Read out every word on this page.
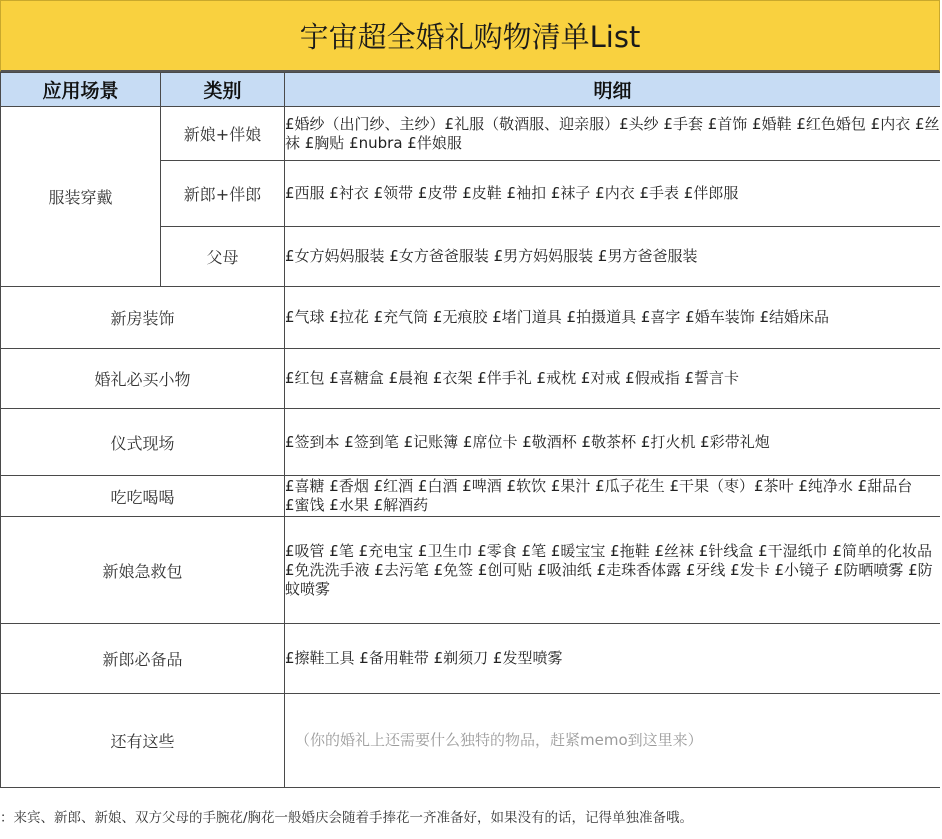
宇宙超全婚礼购物清单List
应用场景	类别	明细
服装穿戴	新娘+伴娘	£婚纱（出门纱、主纱）£礼服（敬酒服、迎亲服）£头纱 £手套 £首饰 £婚鞋 £红色婚包 £内衣 £丝袜 £胸贴 £nubra £伴娘服
	新郎+伴郎	£西服 £衬衣 £领带 £皮带 £皮鞋 £袖扣 £袜子 £内衣 £手表 £伴郎服
	父母	£女方妈妈服装 £女方爸爸服装 £男方妈妈服装 £男方爸爸服装
新房装饰		£气球 £拉花 £充气筒 £无痕胶 £堵门道具 £拍摄道具 £喜字 £婚车装饰 £结婚床品
婚礼必买小物		£红包 £喜糖盒 £晨袍 £衣架 £伴手礼 £戒枕 £对戒 £假戒指 £誓言卡
仪式现场		£签到本 £签到笔 £记账簿 £席位卡 £敬酒杯 £敬茶杯 £打火机 £彩带礼炮
吃吃喝喝		£喜糖 £香烟 £红酒 £白酒 £啤酒 £软饮 £果汁 £瓜子花生 £干果（枣）£茶叶 £纯净水 £甜品台 £蜜饯 £水果 £解酒药
新娘急救包		£吸管 £笔 £充电宝 £卫生巾 £零食 £笔 £暖宝宝 £拖鞋 £丝袜 £针线盒 £干湿纸巾 £简单的化妆品 £免洗洗手液 £去污笔 £免签 £创可贴 £吸油纸 £走珠香体露 £牙线 £发卡 £小镜子 £防晒喷雾 £防蚊喷雾
新郎必备品		£擦鞋工具 £备用鞋带 £剃须刀 £发型喷雾
还有这些		（你的婚礼上还需要什么独特的物品，赶紧memo到这里来）
：来宾、新郎、新娘、双方父母的手腕花/胸花一般婚庆会随着手捧花一齐准备好，如果没有的话，记得单独准备哦。
